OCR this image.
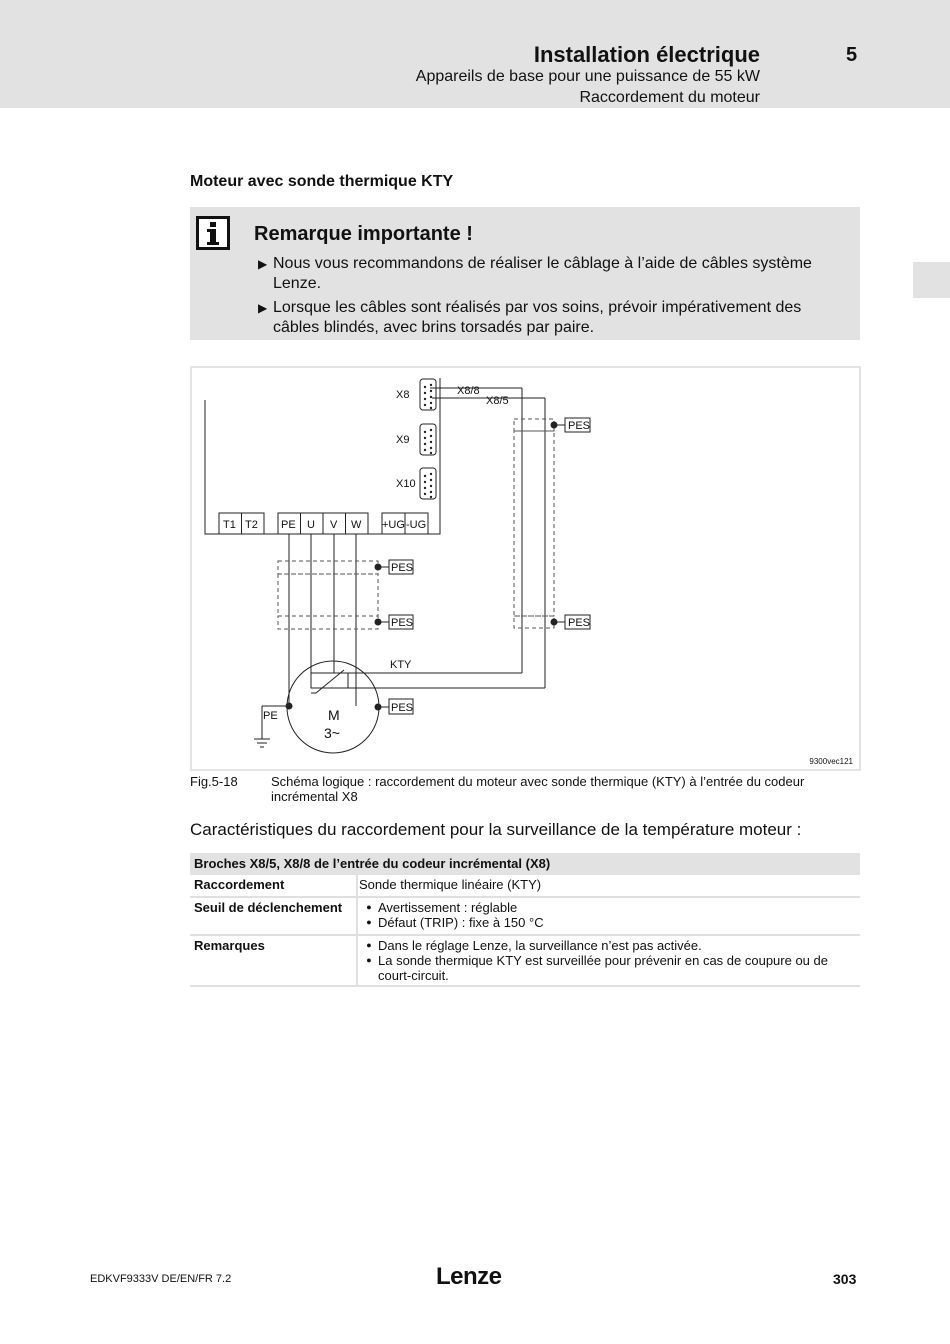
Installation électrique
Appareils de base pour une puissance de 55 kW
Raccordement du moteur
5
Moteur avec sonde thermique KTY
Remarque importante !
▶ Nous vous recommandons de réaliser le câblage à l’aide de câbles système Lenze.
▶ Lorsque les câbles sont réalisés par vos soins, prévoir impérativement des câbles blindés, avec brins torsadés par paire.
X8
X9
X10
X8/8
X8/5
T1 T2 PE U V W +UG -UG
PES
PES
PES
PES
PES
KTY
PE	M
3~
9300vec121
Fig.5-18	Schéma logique : raccordement du moteur avec sonde thermique (KTY) à l’entrée du codeur incrémental X8
Caractéristiques du raccordement pour la surveillance de la température moteur :
Broches X8/5, X8/8 de l’entrée du codeur incrémental (X8)
Raccordement	Sonde thermique linéaire (KTY)
Seuil de déclenchement	● Avertissement : réglable
● Défaut (TRIP) : fixe à 150 °C
Remarques	● Dans le réglage Lenze, la surveillance n’est pas activée.
● La sonde thermique KTY est surveillée pour prévenir en cas de coupure ou de court-circuit.
EDKVF9333V DE/EN/FR 7.2	Lenze	303
